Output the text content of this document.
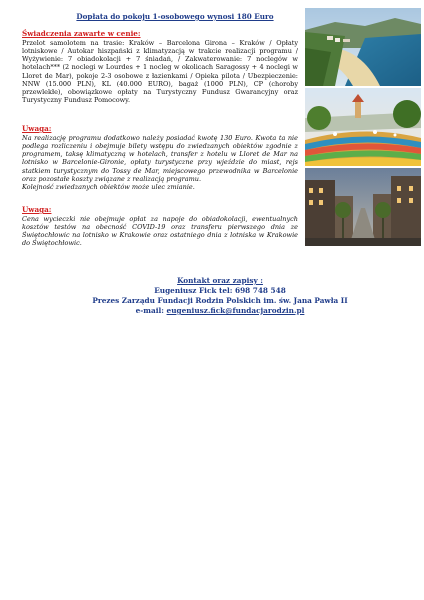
Dopłata do pokoju 1-osobowego wynosi 180 Euro
Świadczenia zawarte w cenie:

Przelot samolotem na trasie: Kraków – Barcelona Girona – Kraków / Opłaty lotniskowe / Autokar hiszpański z klimatyzacją w trakcie realizacji programu / Wyżywienie: 7 obiadokolacji + 7 śniadań, / Zakwaterowanie: 7 noclegów w hotelach*** (2 noclegi w Lourdes + 1 nocleg w okolicach Saragossy + 4 noclegi w Lloret de Mar), pokoje 2-3 osobowe z łazienkami / Opieka pilota / Ubezpieczenie: NNW (15.000 PLN), KL (40.000 EURO), bagaż (1000 PLN), CP (choroby przewlekłe), obowiązkowe opłaty na Turystyczny Fundusz Gwarancyjny oraz Turystyczny Fundusz Pomocowy.

Uwaga:

Na realizację programu dodatkowo należy posiadać kwotę 130 Euro. Kwota ta nie podlega rozliczeniu i obejmuje bilety wstępu do zwiedzanych obiektów zgodnie z programem, taksę klimatyczną w hotelach, transfer z hotelu w Lloret de Mar na lotnisko w Barcelonie-Gironie, opłaty turystyczne przy wjeździe do miast, rejs statkiem turystycznym do Tossy de Mar, miejscowego przewodnika w Barcelonie oraz pozostałe koszty związane z realizacją programu.

Kolejność zwiedzanych obiektów może ulec zmianie.

Uwaga:

Cena wycieczki nie obejmuje opłat za napoje do obiadokolacji, ewentualnych kosztów testów na obecność COVID-19 oraz transferu pierwszego dnia ze Świętochłowic na lotnisko w Krakowie oraz ostatniego dnia z lotniska w Krakowie do Świętochłowic.

Kontakt oraz zapisy :
Eugeniusz Fick tel: 698 748 548
Prezes Zarządu Fundacji Rodzin Polskich im. św. Jana Pawła II
e-mail: eugeniusz.fick@fundacjarodzin.pl
